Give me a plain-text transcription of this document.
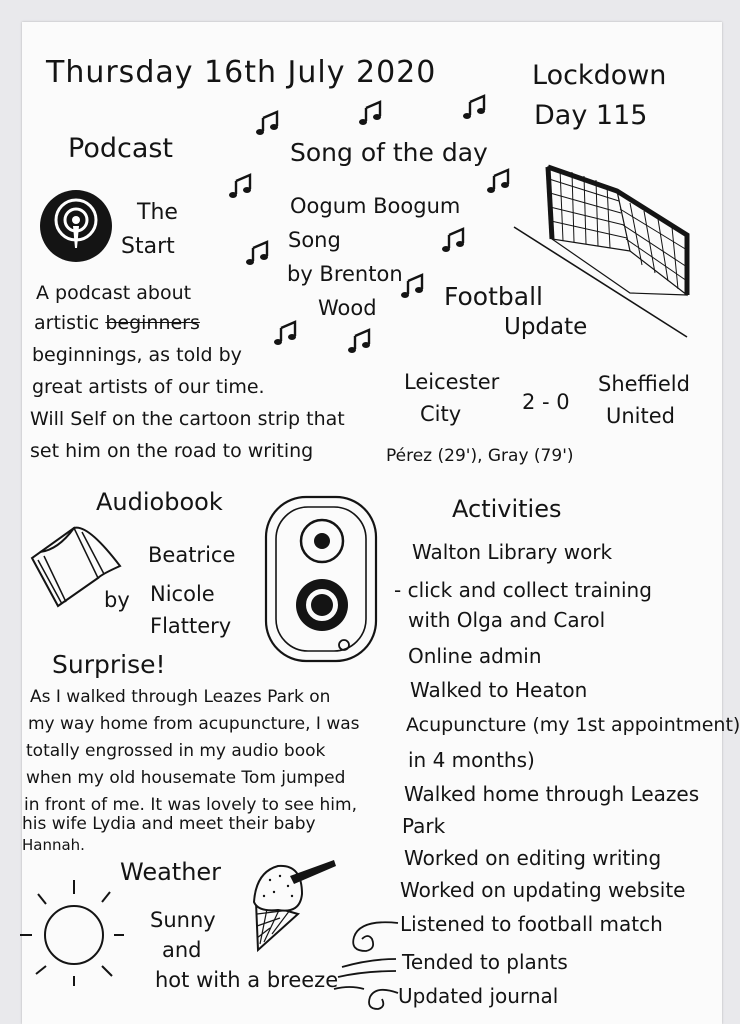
Thursday 16th July 2020	Lockdown
Day 115
Podcast
The
Start
A podcast about
artistic beginners
beginnings, as told by
great artists of our time.
Will Self on the cartoon strip that
set him on the road to writing
Song of the day
Oogum Boogum
Song
by Brenton
Wood	Football
Update
Leicester
City	2 - 0
Sheffield
United
Pérez (29'), Gray (79')
Audiobook
Beatrice
by Nicole
Flattery
Surprise!
As I walked through Leazes Park on
my way home from acupuncture, I was
totally engrossed in my audio book
when my old housemate Tom jumped
in front of me. It was lovely to see him,
his wife Lydia and meet their baby
Hannah.
Weather
Sunny
and
hot with a breeze
Activities
Walton Library work
- click and collect training
with Olga and Carol
Online admin
Walked to Heaton
Acupuncture (my 1st appointment)
in 4 months)
Walked home through Leazes
Park
Worked on editing writing
Worked on updating website
Listened to football match
Tended to plants
Updated journal
